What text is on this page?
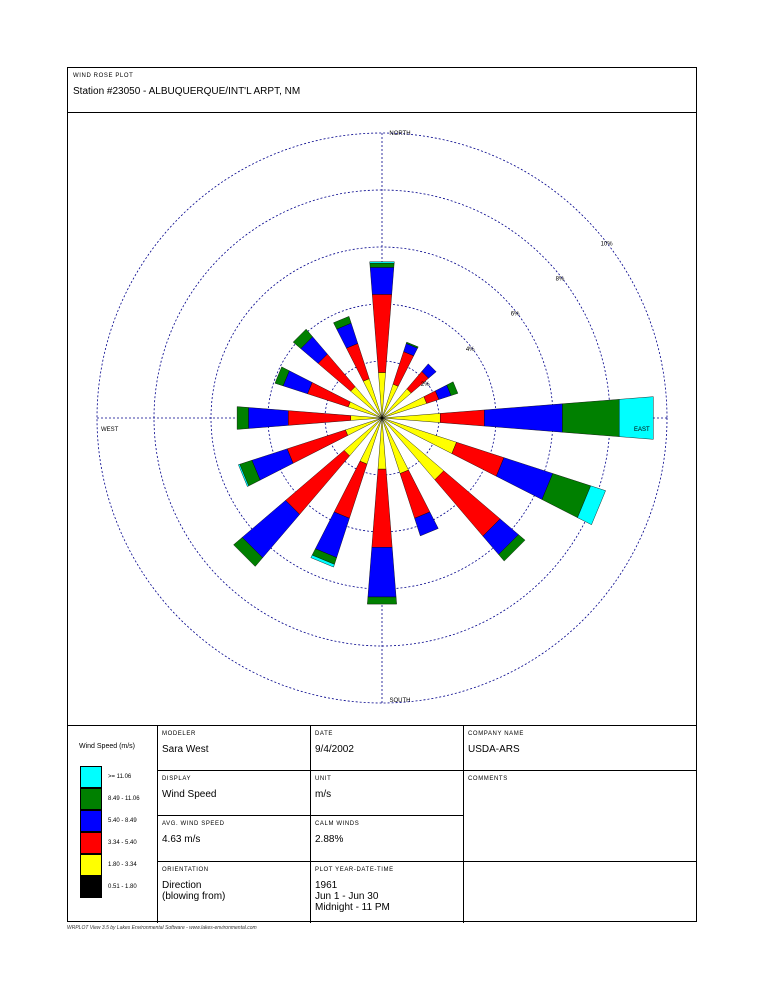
WIND ROSE PLOT
Station #23050 - ALBUQUERQUE/INT'L ARPT, NM
NORTH
SOUTH
EAST
WEST
2%
4%
6%
8%
10%
Wind Speed (m/s)
>= 11.06
8.49 - 11.06
5.40 - 8.49
3.34 - 5.40
1.80 - 3.34
0.51 - 1.80
MODELER
Sara West
DATE
9/4/2002
COMPANY NAME
USDA-ARS
DISPLAY
Wind Speed
UNIT
m/s
COMMENTS
AVG. WIND SPEED
4.63 m/s
CALM WINDS
2.88%
ORIENTATION
Direction
(blowing from)
PLOT YEAR-DATE-TIME
1961
Jun 1 - Jun 30
Midnight - 11 PM
WRPLOT View 3.5 by Lakes Environmental Software - www.lakes-environmental.com
